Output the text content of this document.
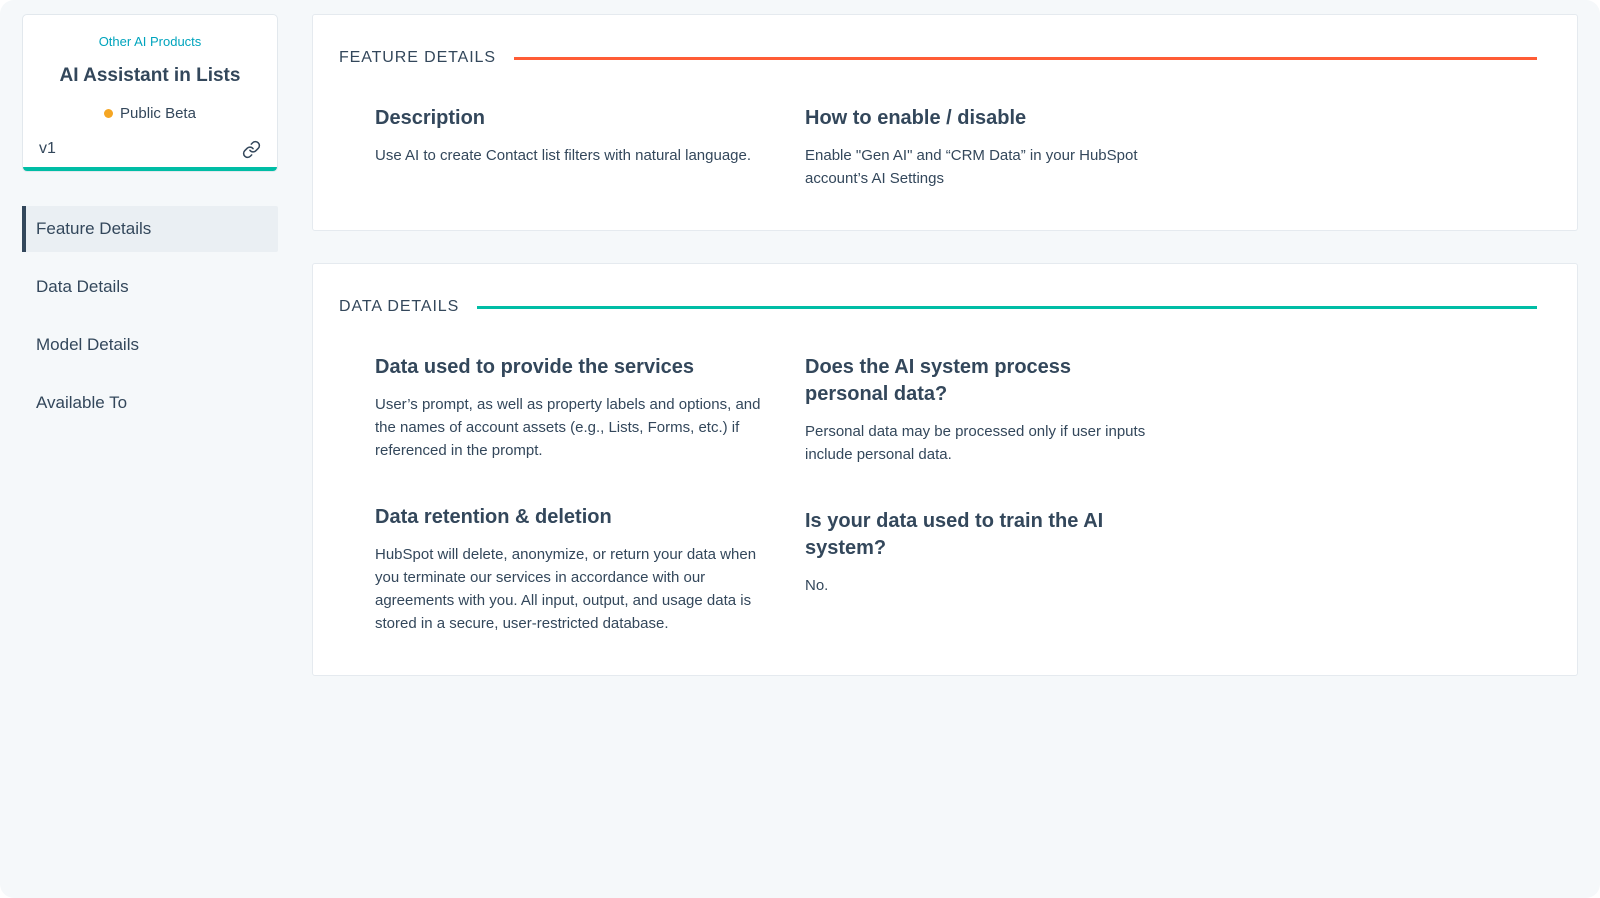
Other AI Products
AI Assistant in Lists
Public Beta
v1
Feature Details
Data Details
Model Details
Available To
FEATURE DETAILS
Description

Use AI to create Contact list filters with natural language.

How to enable / disable

Enable "Gen AI" and “CRM Data” in your HubSpot account’s AI Settings

DATA DETAILS
Data used to provide the services

User’s prompt, as well as property labels and options, and the names of account assets (e.g., Lists, Forms, etc.) if referenced in the prompt.

Data retention & deletion

HubSpot will delete, anonymize, or return your data when you terminate our services in accordance with our agreements with you. All input, output, and usage data is stored in a secure, user-restricted database.

Does the AI system process personal data?

Personal data may be processed only if user inputs include personal data.

Is your data used to train the AI system?

No.
